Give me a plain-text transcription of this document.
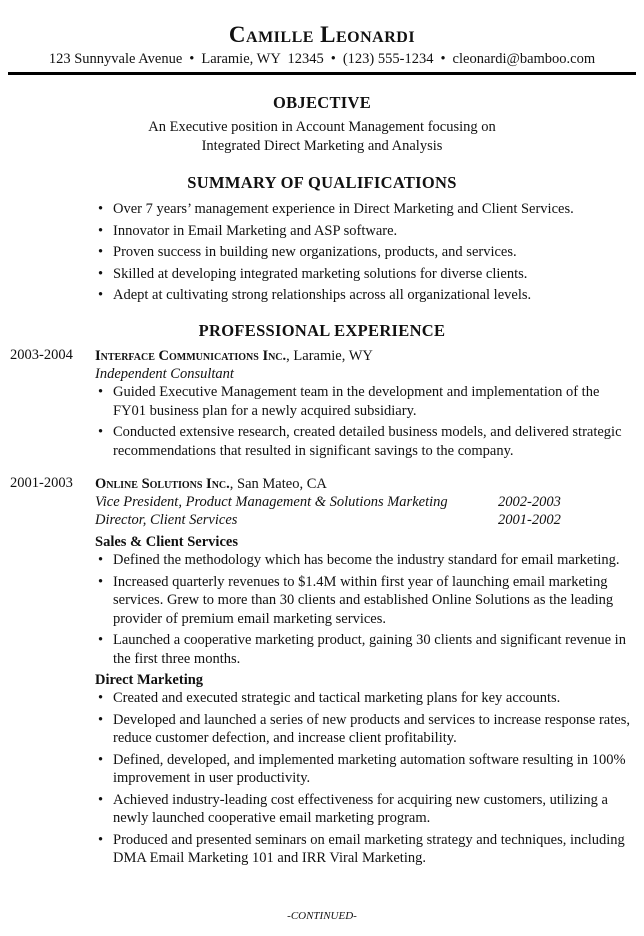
Camille Leonardi
123 Sunnyvale Avenue • Laramie, WY  12345 • (123) 555-1234 • cleonardi@bamboo.com
OBJECTIVE
An Executive position in Account Management focusing on
Integrated Direct Marketing and Analysis
SUMMARY OF QUALIFICATIONS
• Over 7 years’ management experience in Direct Marketing and Client Services.
• Innovator in Email Marketing and ASP software.
• Proven success in building new organizations, products, and services.
• Skilled at developing integrated marketing solutions for diverse clients.
• Adept at cultivating strong relationships across all organizational levels.
PROFESSIONAL EXPERIENCE
2003-2004 Interface Communications Inc., Laramie, WY
Independent Consultant
• Guided Executive Management team in the development and implementation of the FY01 business plan for a newly acquired subsidiary.
• Conducted extensive research, created detailed business models, and delivered strategic recommendations that resulted in significant savings to the company.
2001-2003 Online Solutions Inc., San Mateo, CA
Vice President, Product Management & Solutions Marketing	2002-2003
Director, Client Services	2001-2002
Sales & Client Services
• Defined the methodology which has become the industry standard for email marketing.
• Increased quarterly revenues to $1.4M within first year of launching email marketing services. Grew to more than 30 clients and established Online Solutions as the leading provider of premium email marketing services.
• Launched a cooperative marketing product, gaining 30 clients and significant revenue in the first three months.
Direct Marketing
• Created and executed strategic and tactical marketing plans for key accounts.
• Developed and launched a series of new products and services to increase response rates, reduce customer defection, and increase client profitability.
• Defined, developed, and implemented marketing automation software resulting in 100% improvement in user productivity.
• Achieved industry-leading cost effectiveness for acquiring new customers, utilizing a newly launched cooperative email marketing program.
• Produced and presented seminars on email marketing strategy and techniques, including DMA Email Marketing 101 and IRR Viral Marketing.
-CONTINUED-
